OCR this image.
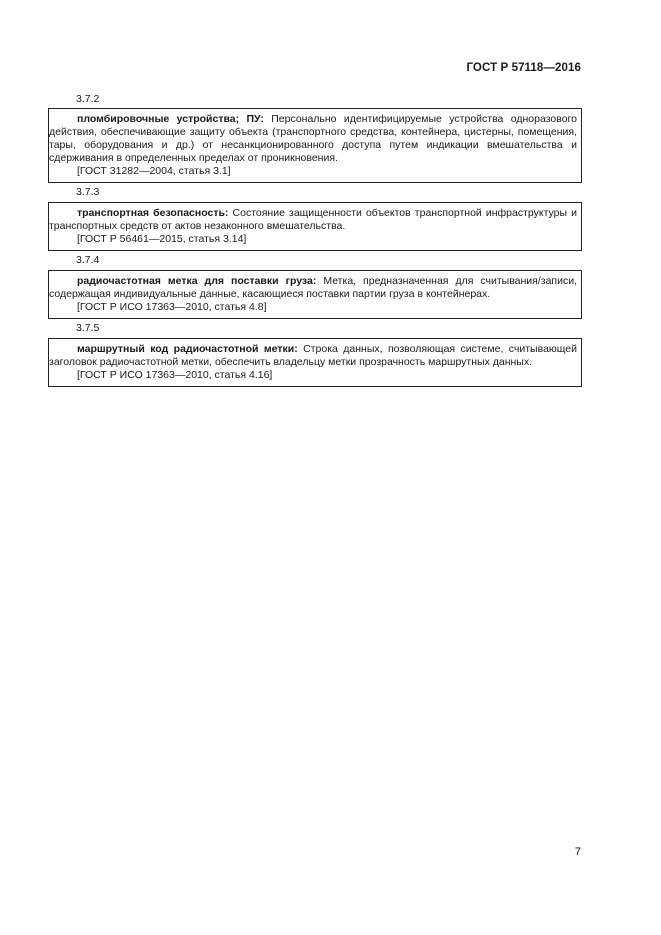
ГОСТ Р 57118—2016
3.7.2

пломбировочные устройства; ПУ: Персонально идентифицируемые устройства одноразового действия, обеспечивающие защиту объекта (транспортного средства, контейнера, цистерны, помещения, тары, оборудования и др.) от несанкционированного доступа путем индикации вмешательства и сдерживания в определенных пределах от проникновения.

[ГОСТ 31282—2004, статья 3.1]

3.7.3

транспортная безопасность: Состояние защищенности объектов транспортной инфраструктуры и транспортных средств от актов незаконного вмешательства.

[ГОСТ Р 56461—2015, статья 3.14]

3.7.4

радиочастотная метка для поставки груза: Метка, предназначенная для считывания/записи, содержащая индивидуальные данные, касающиеся поставки партии груза в контейнерах.

[ГОСТ Р ИСО 17363—2010, статья 4.8]

3.7.5

маршрутный код радиочастотной метки: Строка данных, позволяющая системе, считывающей заголовок радиочастотной метки, обеспечить владельцу метки прозрачность маршрутных данных.

[ГОСТ Р ИСО 17363—2010, статья 4.16]

7
